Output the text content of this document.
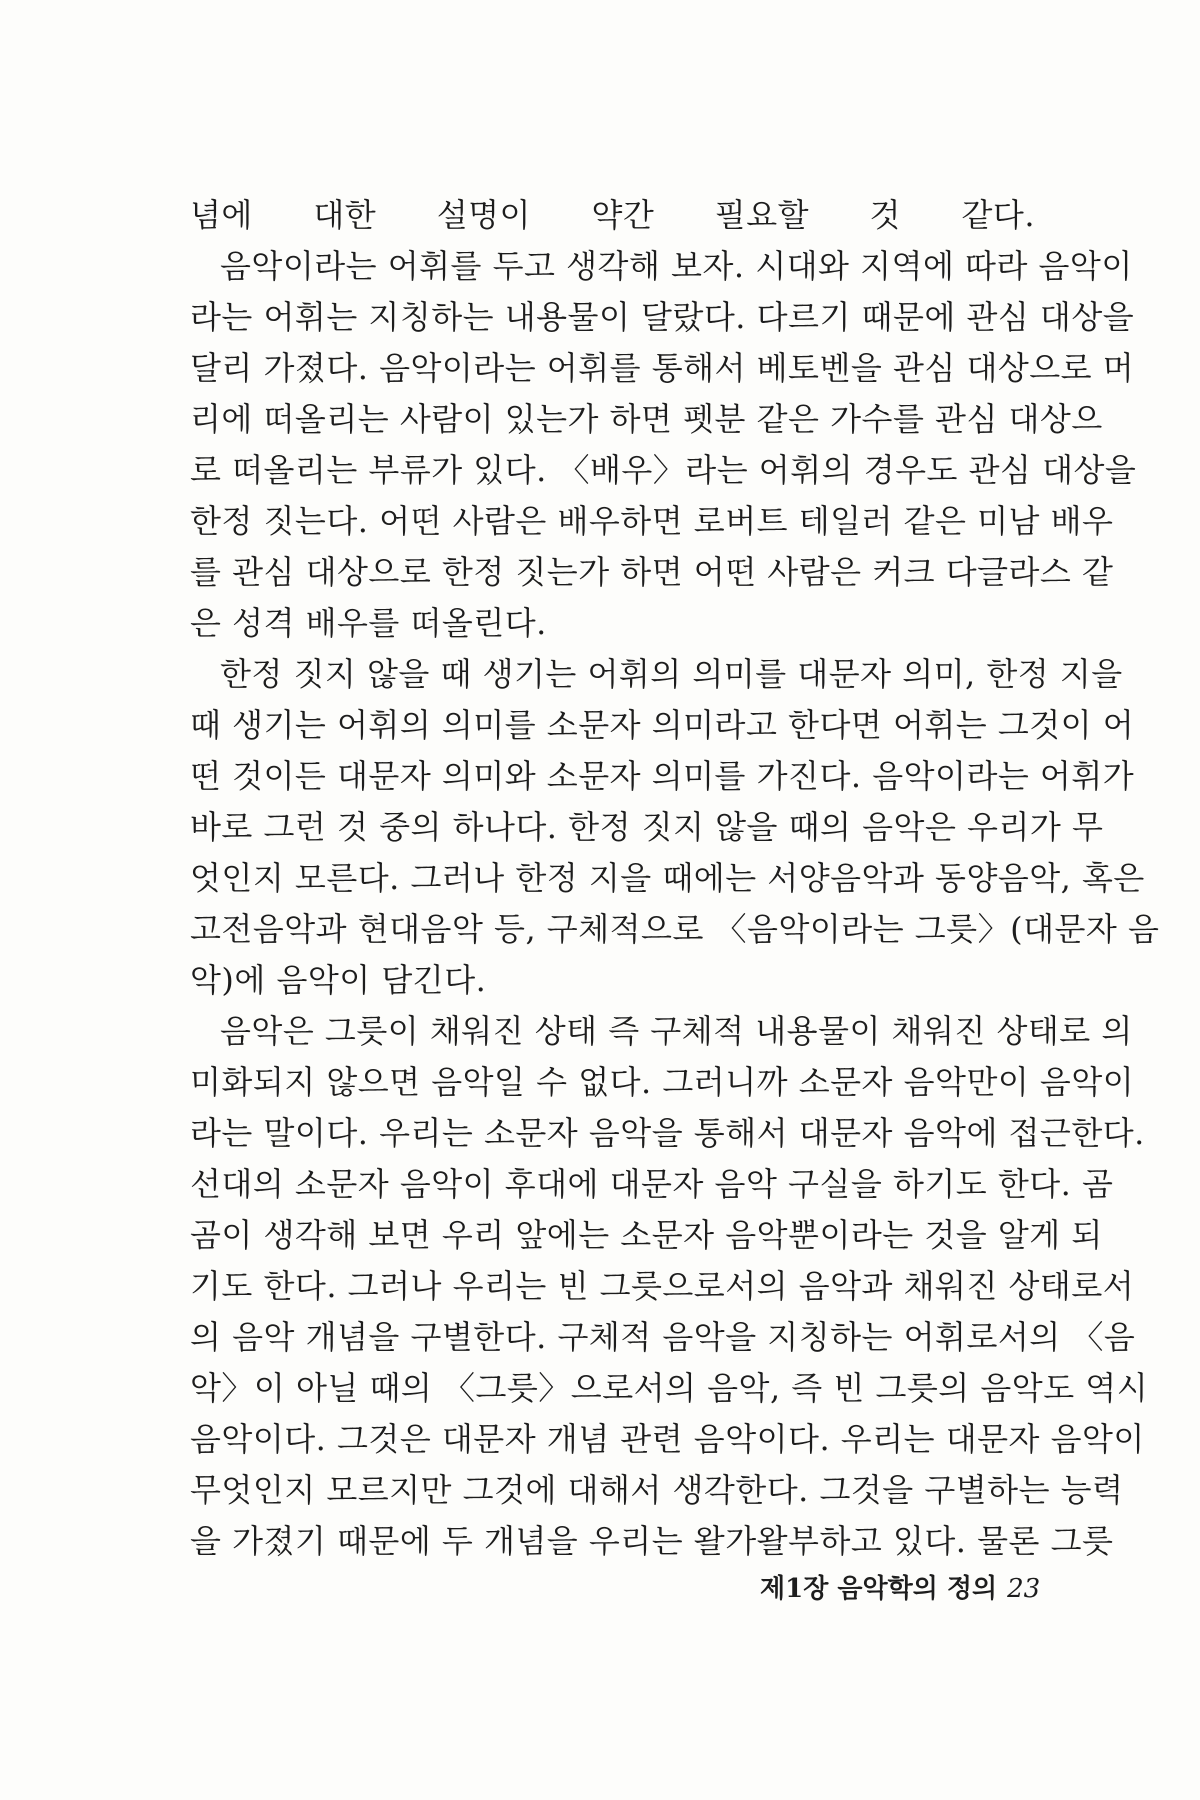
념에 대한 설명이 약간 필요할 것 같다.
음악이라는 어휘를 두고 생각해 보자. 시대와 지역에 따라 음악이
라는 어휘는 지칭하는 내용물이 달랐다. 다르기 때문에 관심 대상을
달리 가졌다. 음악이라는 어휘를 통해서 베토벤을 관심 대상으로 머
리에 떠올리는 사람이 있는가 하면 펫분 같은 가수를 관심 대상으
로 떠올리는 부류가 있다. 〈배우〉라는 어휘의 경우도 관심 대상을
한정 짓는다. 어떤 사람은 배우하면 로버트 테일러 같은 미남 배우
를 관심 대상으로 한정 짓는가 하면 어떤 사람은 커크 다글라스 같
은 성격 배우를 떠올린다.
한정 짓지 않을 때 생기는 어휘의 의미를 대문자 의미, 한정 지을
때 생기는 어휘의 의미를 소문자 의미라고 한다면 어휘는 그것이 어
떤 것이든 대문자 의미와 소문자 의미를 가진다. 음악이라는 어휘가
바로 그런 것 중의 하나다. 한정 짓지 않을 때의 음악은 우리가 무
엇인지 모른다. 그러나 한정 지을 때에는 서양음악과 동양음악, 혹은
고전음악과 현대음악 등, 구체적으로 〈음악이라는 그릇〉(대문자 음
악)에 음악이 담긴다.
음악은 그릇이 채워진 상태 즉 구체적 내용물이 채워진 상태로 의
미화되지 않으면 음악일 수 없다. 그러니까 소문자 음악만이 음악이
라는 말이다. 우리는 소문자 음악을 통해서 대문자 음악에 접근한다.
선대의 소문자 음악이 후대에 대문자 음악 구실을 하기도 한다. 곰
곰이 생각해 보면 우리 앞에는 소문자 음악뿐이라는 것을 알게 되
기도 한다. 그러나 우리는 빈 그릇으로서의 음악과 채워진 상태로서
의 음악 개념을 구별한다. 구체적 음악을 지칭하는 어휘로서의 〈음
악〉이 아닐 때의 〈그릇〉으로서의 음악, 즉 빈 그릇의 음악도 역시
음악이다. 그것은 대문자 개념 관련 음악이다. 우리는 대문자 음악이
무엇인지 모르지만 그것에 대해서 생각한다. 그것을 구별하는 능력
을 가졌기 때문에 두 개념을 우리는 왈가왈부하고 있다. 물론 그릇
제1장 음악학의 정의 23
